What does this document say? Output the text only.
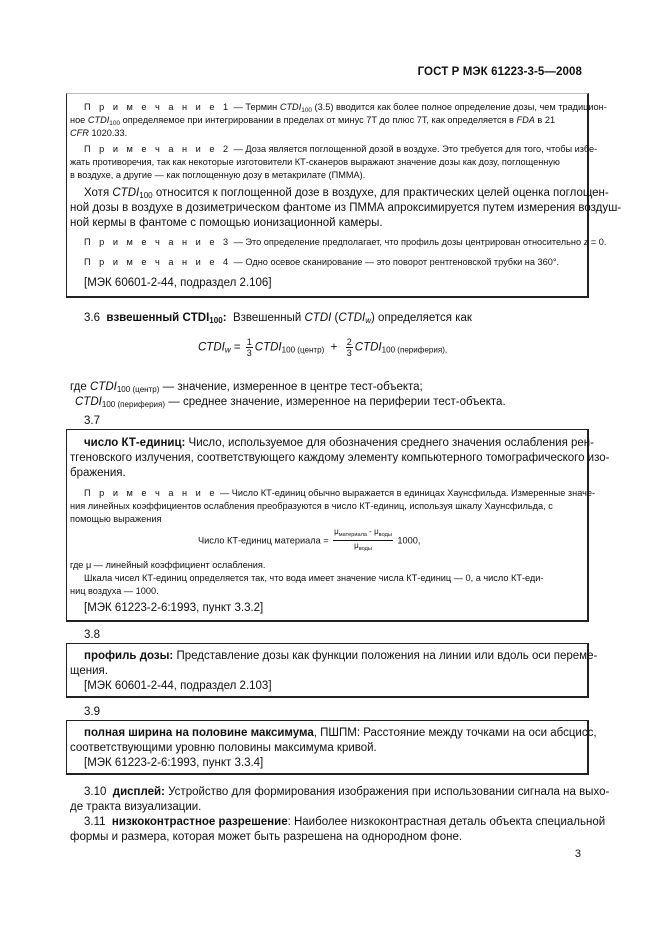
ГОСТ Р МЭК 61223-3-5—2008
П р и м е ч а н и е 1 — Термин $CTDI_{100}$ (3.5) вводится как более полное определение дозы, чем традицион-
ное $CTDI_{100}$ определяемое при интегрировании в пределах от минус 7T до плюс 7T, как определяется в FDA в 21
CFR 1020.33.
П р и м е ч а н и е 2 — Доза является поглощенной дозой в воздухе. Это требуется для того, чтобы избе-
жать противоречия, так как некоторые изготовители КТ-сканеров выражают значение дозы как дозу, поглощенную
в воздухе, а другие — как поглощенную дозу в метакрилате (ПММА).
Хотя $CTDI_{100}$ относится к поглощенной дозе в воздухе, для практических целей оценка поглощен-
ной дозы в воздухе в дозиметрическом фантоме из ПММА апроксимируется путем измерения воздуш-
ной кермы в фантоме с помощью ионизационной камеры.
П р и м е ч а н и е 3 — Это определение предполагает, что профиль дозы центрирован относительно z = 0.
П р и м е ч а н и е 4 — Одно осевое сканирование — это поворот рентгеновской трубки на 360°.
[МЭК 60601-2-44, подраздел 2.106]
3.6 взвешенный $CTDI_{100}$: Взвешенный CTDI $(CTDI_w)$ определяется как
$CTDI_w = \frac{1}{3}$ $CTDI_{100 (центр)} + \frac{2}{3}$ $CTDI_{100 (периферия),}$
где $CTDI_{100 (центр)}$ — значение, измеренное в центре тест-объекта;
$CTDI_{100 (периферия)}$ — среднее значение, измеренное на периферии тест-объекта.
3.7
число КТ-единиц: Число, используемое для обозначения среднего значения ослабления рен-
тгеновского излучения, соответствующего каждому элементу компьютерного томографического изо-
бражения.
П р и м е ч а н и е — Число КТ-единиц обычно выражается в единицах Хаунсфильда. Измеренные значе-
ния линейных коэффициентов ослабления преобразуются в число КТ-единиц, используя шкалу Хаунсфильда, с
помощью выражения
Число КТ-единиц материала = $\frac{\mu_{материала} - \mu_{воды}}{\mu_{воды}} 1000$,
где μ — линейный коэффициент ослабления.
Шкала чисел КТ-единиц определяется так, что вода имеет значение числа КТ-единиц — 0, а число КТ-еди-
ниц воздуха — 1000.
[МЭК 61223-2-6:1993, пункт 3.3.2]
3.8
профиль дозы: Представление дозы как функции положения на линии или вдоль оси переме-
щения.
[МЭК 60601-2-44, подраздел 2.103]
3.9
полная ширина на половине максимума, ПШПМ: Расстояние между точками на оси абсцисс,
соответствующими уровню половины максимума кривой.
[МЭК 61223-2-6:1993, пункт 3.3.4]
3.10 дисплей: Устройство для формирования изображения при использовании сигнала на выхо-
де тракта визуализации.
3.11 низкоконтрастное разрешение: Наиболее низкоконтрастная деталь объекта специальной
формы и размера, которая может быть разрешена на однородном фоне.
3
